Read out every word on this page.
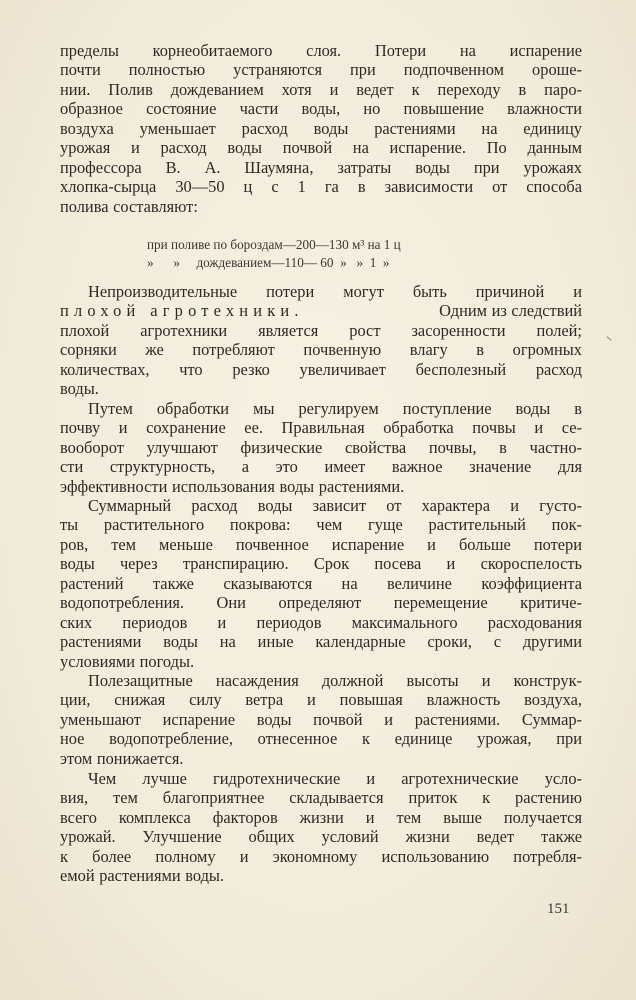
пределы корнеобитаемого слоя. Потери на испарение
почти полностью устраняются при подпочвенном ороше-
нии. Полив дождеванием хотя и ведет к переходу в паро-
образное состояние части воды, но повышение влажности
воздуха уменьшает расход воды растениями на единицу
урожая и расход воды почвой на испарение. По данным
профессора В. А. Шаумяна, затраты воды при урожаях
хлопка-сырца 30—50 ц с 1 га в зависимости от способа
полива составляют:
при поливе по бороздам—200—130 м³ на 1 ц
»      »     дождеванием—110— 60  »   »  1  »
Непроизводительные потери могут быть причиной и
плохой агротехники.	Одним из следствий
плохой агротехники является рост засоренности полей;
сорняки же потребляют почвенную влагу в огромных
количествах, что резко увеличивает бесполезный расход
воды.
Путем обработки мы регулируем поступление воды в
почву и сохранение ее. Правильная обработка почвы и се-
вооборот улучшают физические свойства почвы, в частно-
сти структурность, а это имеет важное значение для
эффективности использования воды растениями.
Суммарный расход воды зависит от характера и густо-
ты растительного покрова: чем гуще растительный пок-
ров, тем меньше почвенное испарение и больше потери
воды через транспирацию. Срок посева и скороспелость
растений также сказываются на величине коэффициента
водопотребления. Они определяют перемещение критиче-
ских периодов и периодов максимального расходования
растениями воды на иные календарные сроки, с другими
условиями погоды.
Полезащитные насаждения должной высоты и конструк-
ции, снижая силу ветра и повышая влажность воздуха,
уменьшают испарение воды почвой и растениями. Суммар-
ное водопотребление, отнесенное к единице урожая, при
этом понижается.
Чем лучше гидротехнические и агротехнические усло-
вия, тем благоприятнее складывается приток к растению
всего комплекса факторов жизни и тем выше получается
урожай. Улучшение общих условий жизни ведет также
к более полному и экономному использованию потребля-
емой растениями воды.
151
